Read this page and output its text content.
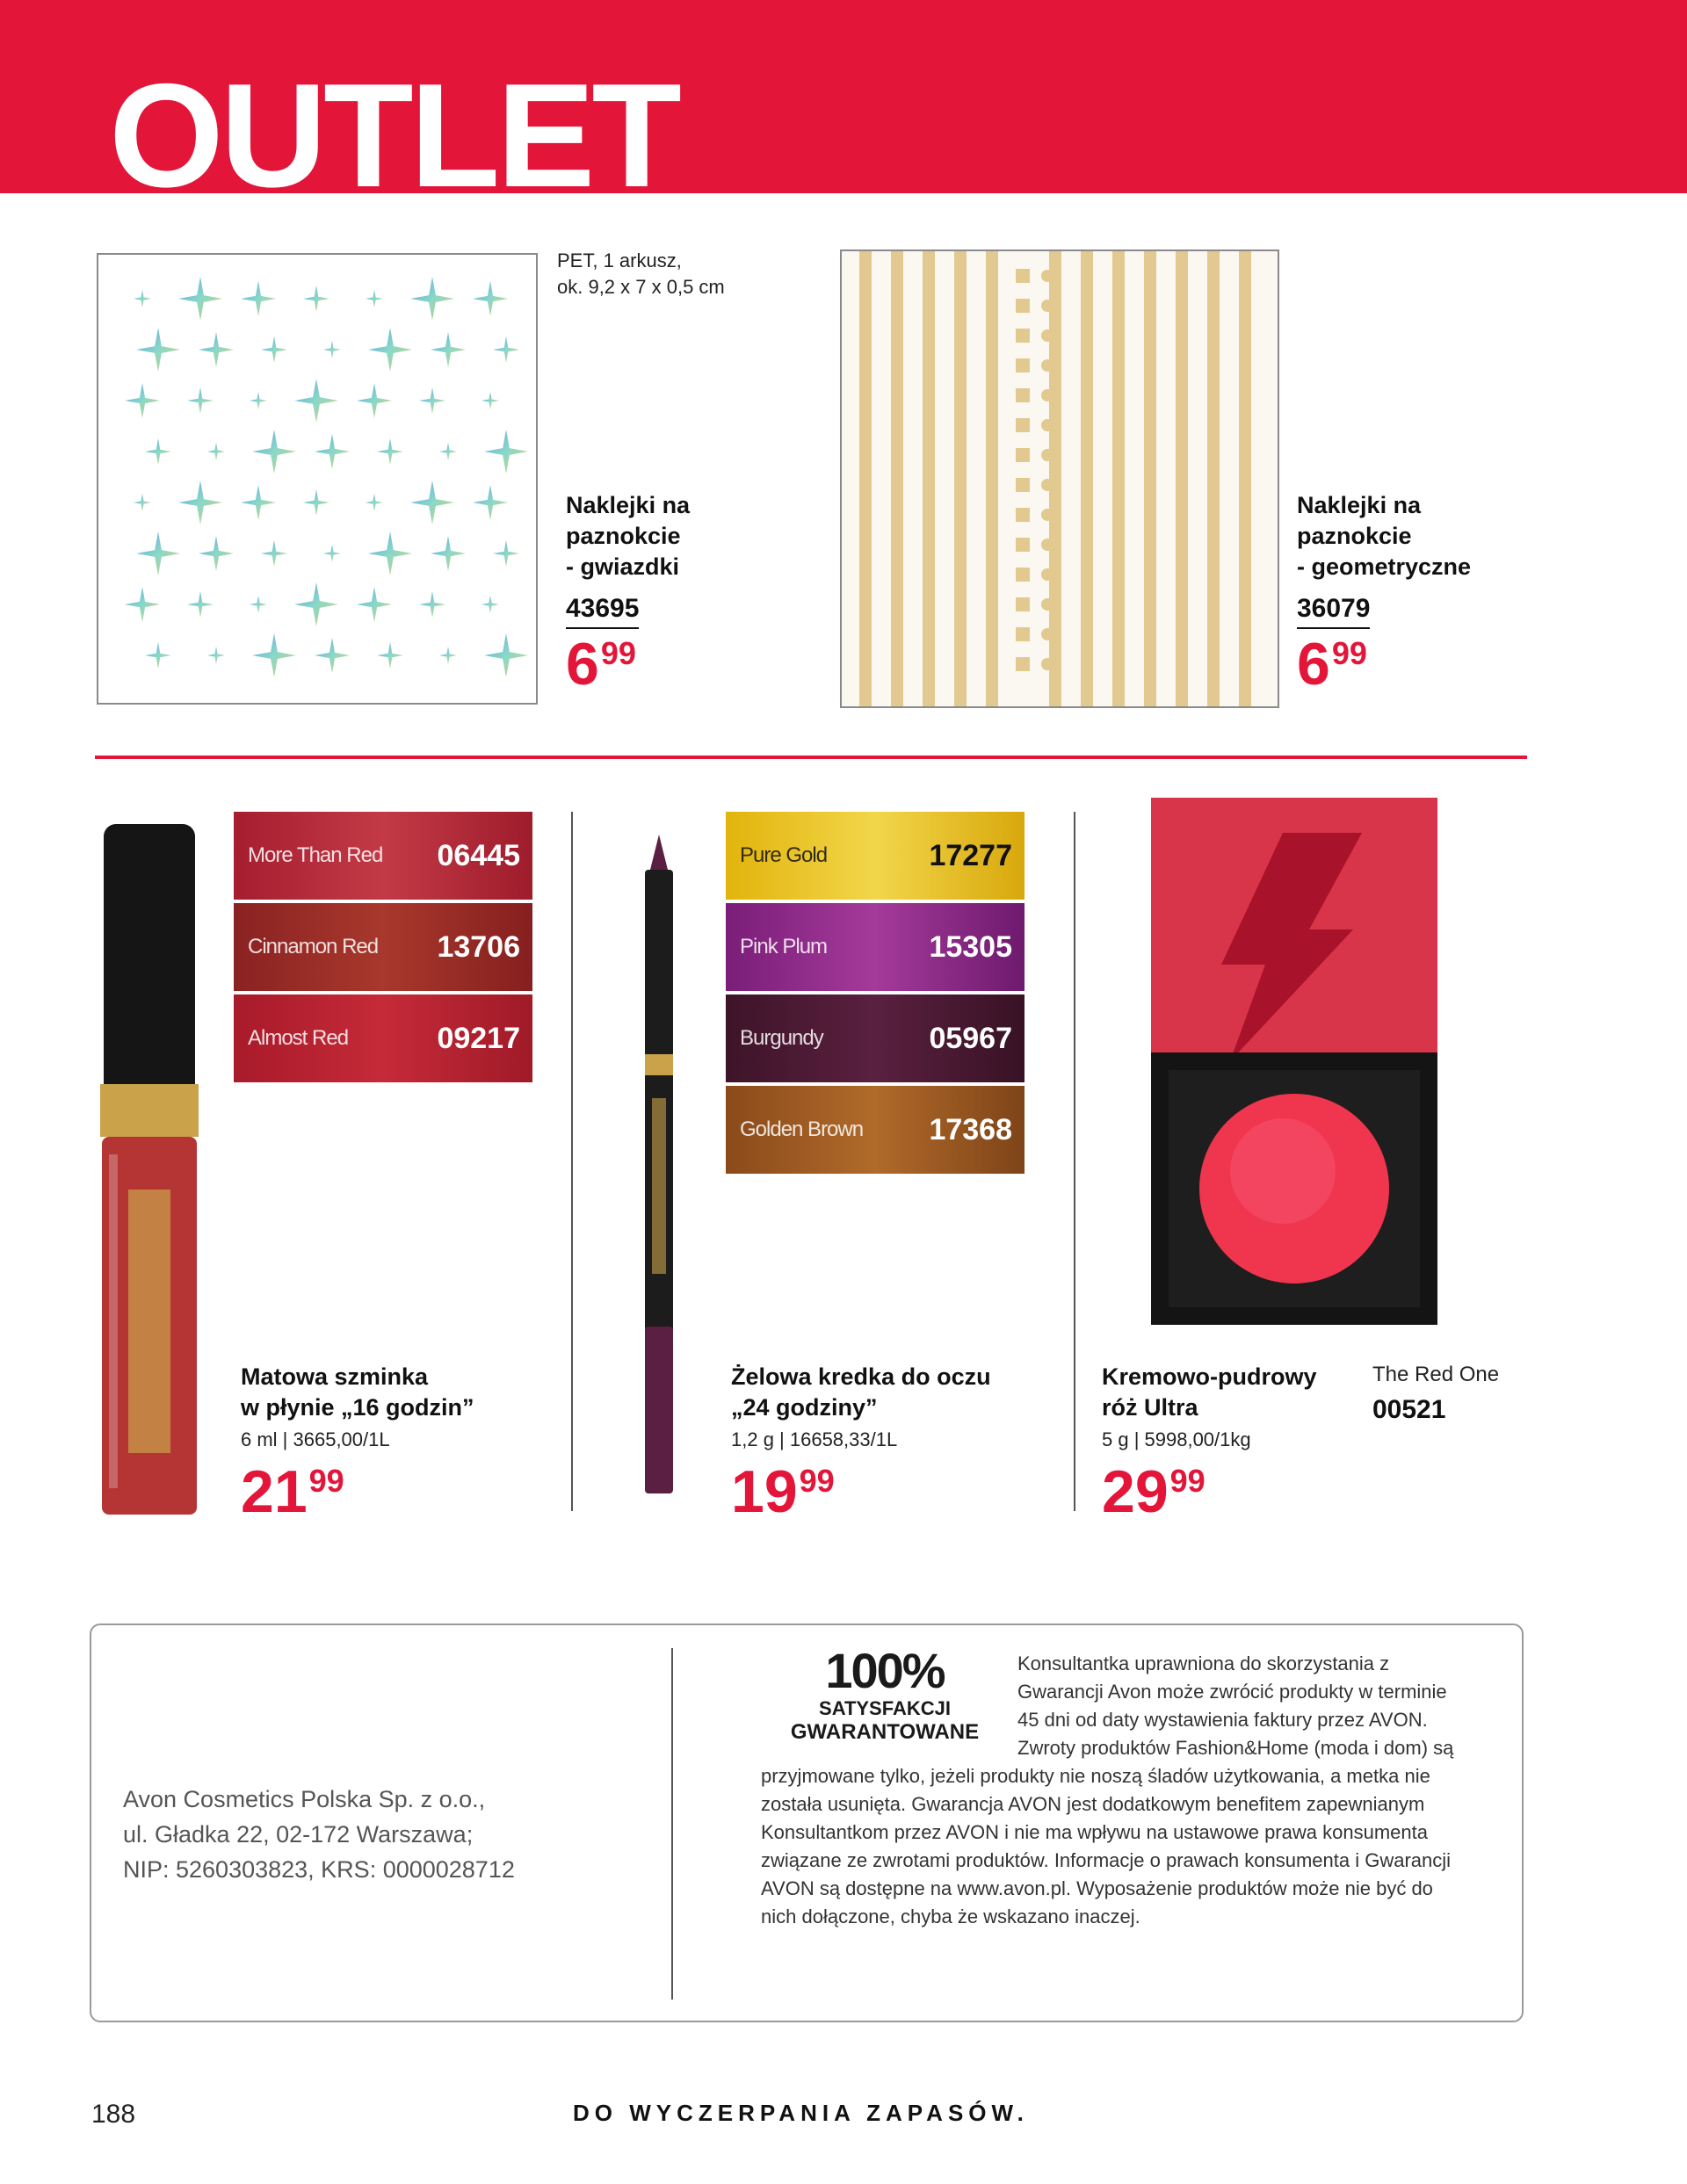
OUTLET
PET, 1 arkusz,
ok. 9,2 x 7 x 0,5 cm
Naklejki na
paznokcie
- gwiazdki
43695
$6^{99}$
Naklejki na
paznokcie
- geometryczne
36079
$6^{99}$
More Than Red 06445
Cinnamon Red 13706
Almost Red	09217
Matowa szminka
w płynie „16 godzin”
6 ml | 3665,00/1L
$21^{99}$
Pure Gold	17277
Pink Plum	15305
Burgundy	05967
Golden Brown 17368
Żelowa kredka do oczu
„24 godziny”
1,2 g | 16658,33/1L
$19^{99}$
Kremowo-pudrowy
róż Ultra
5 g | 5998,00/1kg
$29^{99}$
The Red One
00521
Avon Cosmetics Polska Sp. z o.o.,
ul. Gładka 22, 02-172 Warszawa;
NIP: 5260303823, KRS: 0000028712
100%
SATYSFAKCJI
GWARANTOWANE
Konsultantka uprawniona do skorzystania z Gwarancji Avon może zwrócić produkty w terminie 45 dni od daty wystawienia faktury przez AVON. Zwroty produktów Fashion&Home (moda i dom) są przyjmowane tylko, jeżeli produkty nie noszą śladów użytkowania, a metka nie została usunięta. Gwarancja AVON jest dodatkowym benefitem zapewnianym Konsultantkom przez AVON i nie ma wpływu na ustawowe prawa konsumenta związane ze zwrotami produktów. Informacje o prawach konsumenta i Gwarancji AVON są dostępne na www.avon.pl. Wyposażenie produktów może nie być do nich dołączone, chyba że wskazano inaczej.
188	DO WYCZERPANIA ZAPASÓW.
